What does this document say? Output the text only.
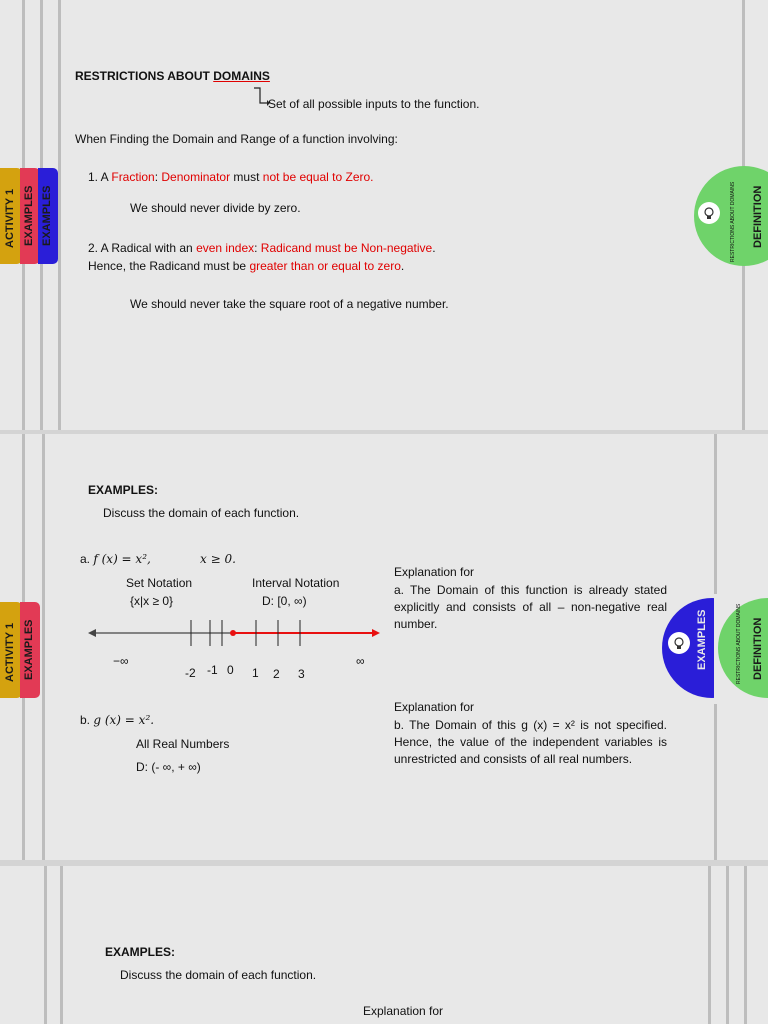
ACTIVITY 1 EXAMPLES EXAMPLES	RESTRICTIONS ABOUT DOMAINS DEFINITION
RESTRICTIONS ABOUT DOMAINS
Set of all possible inputs to the function.
When Finding the Domain and Range of a function involving:
1. A Fraction: Denominator must not be equal to Zero.
We should never divide by zero.
2. A Radical with an even index: Radicand must be Non-negative.
Hence, the Radicand must be greater than or equal to zero.
We should never take the square root of a negative number.
ACTIVITY 1 EXAMPLES	EXAMPLES	RESTRICTIONS ABOUT DOMAINS DEFINITION
EXAMPLES:
Discuss the domain of each function.
a. f (x) = x²,	x ≥ 0.
Set Notation
{x|x ≥ 0}
Interval Notation
D: [0, ∞)
−∞	∞
-2 -1 0 1 2 3
Explanation for
a. The Domain of this function is already stated explicitly and consists of all – non-negative real number.
b. g (x) = x².
All Real Numbers
D: (- ∞, + ∞)
Explanation for
b. The Domain of this g (x) = x² is not specified. Hence, the value of the independent variables is unrestricted and consists of all real numbers.
EXAMPLES:
Discuss the domain of each function.
Explanation for
